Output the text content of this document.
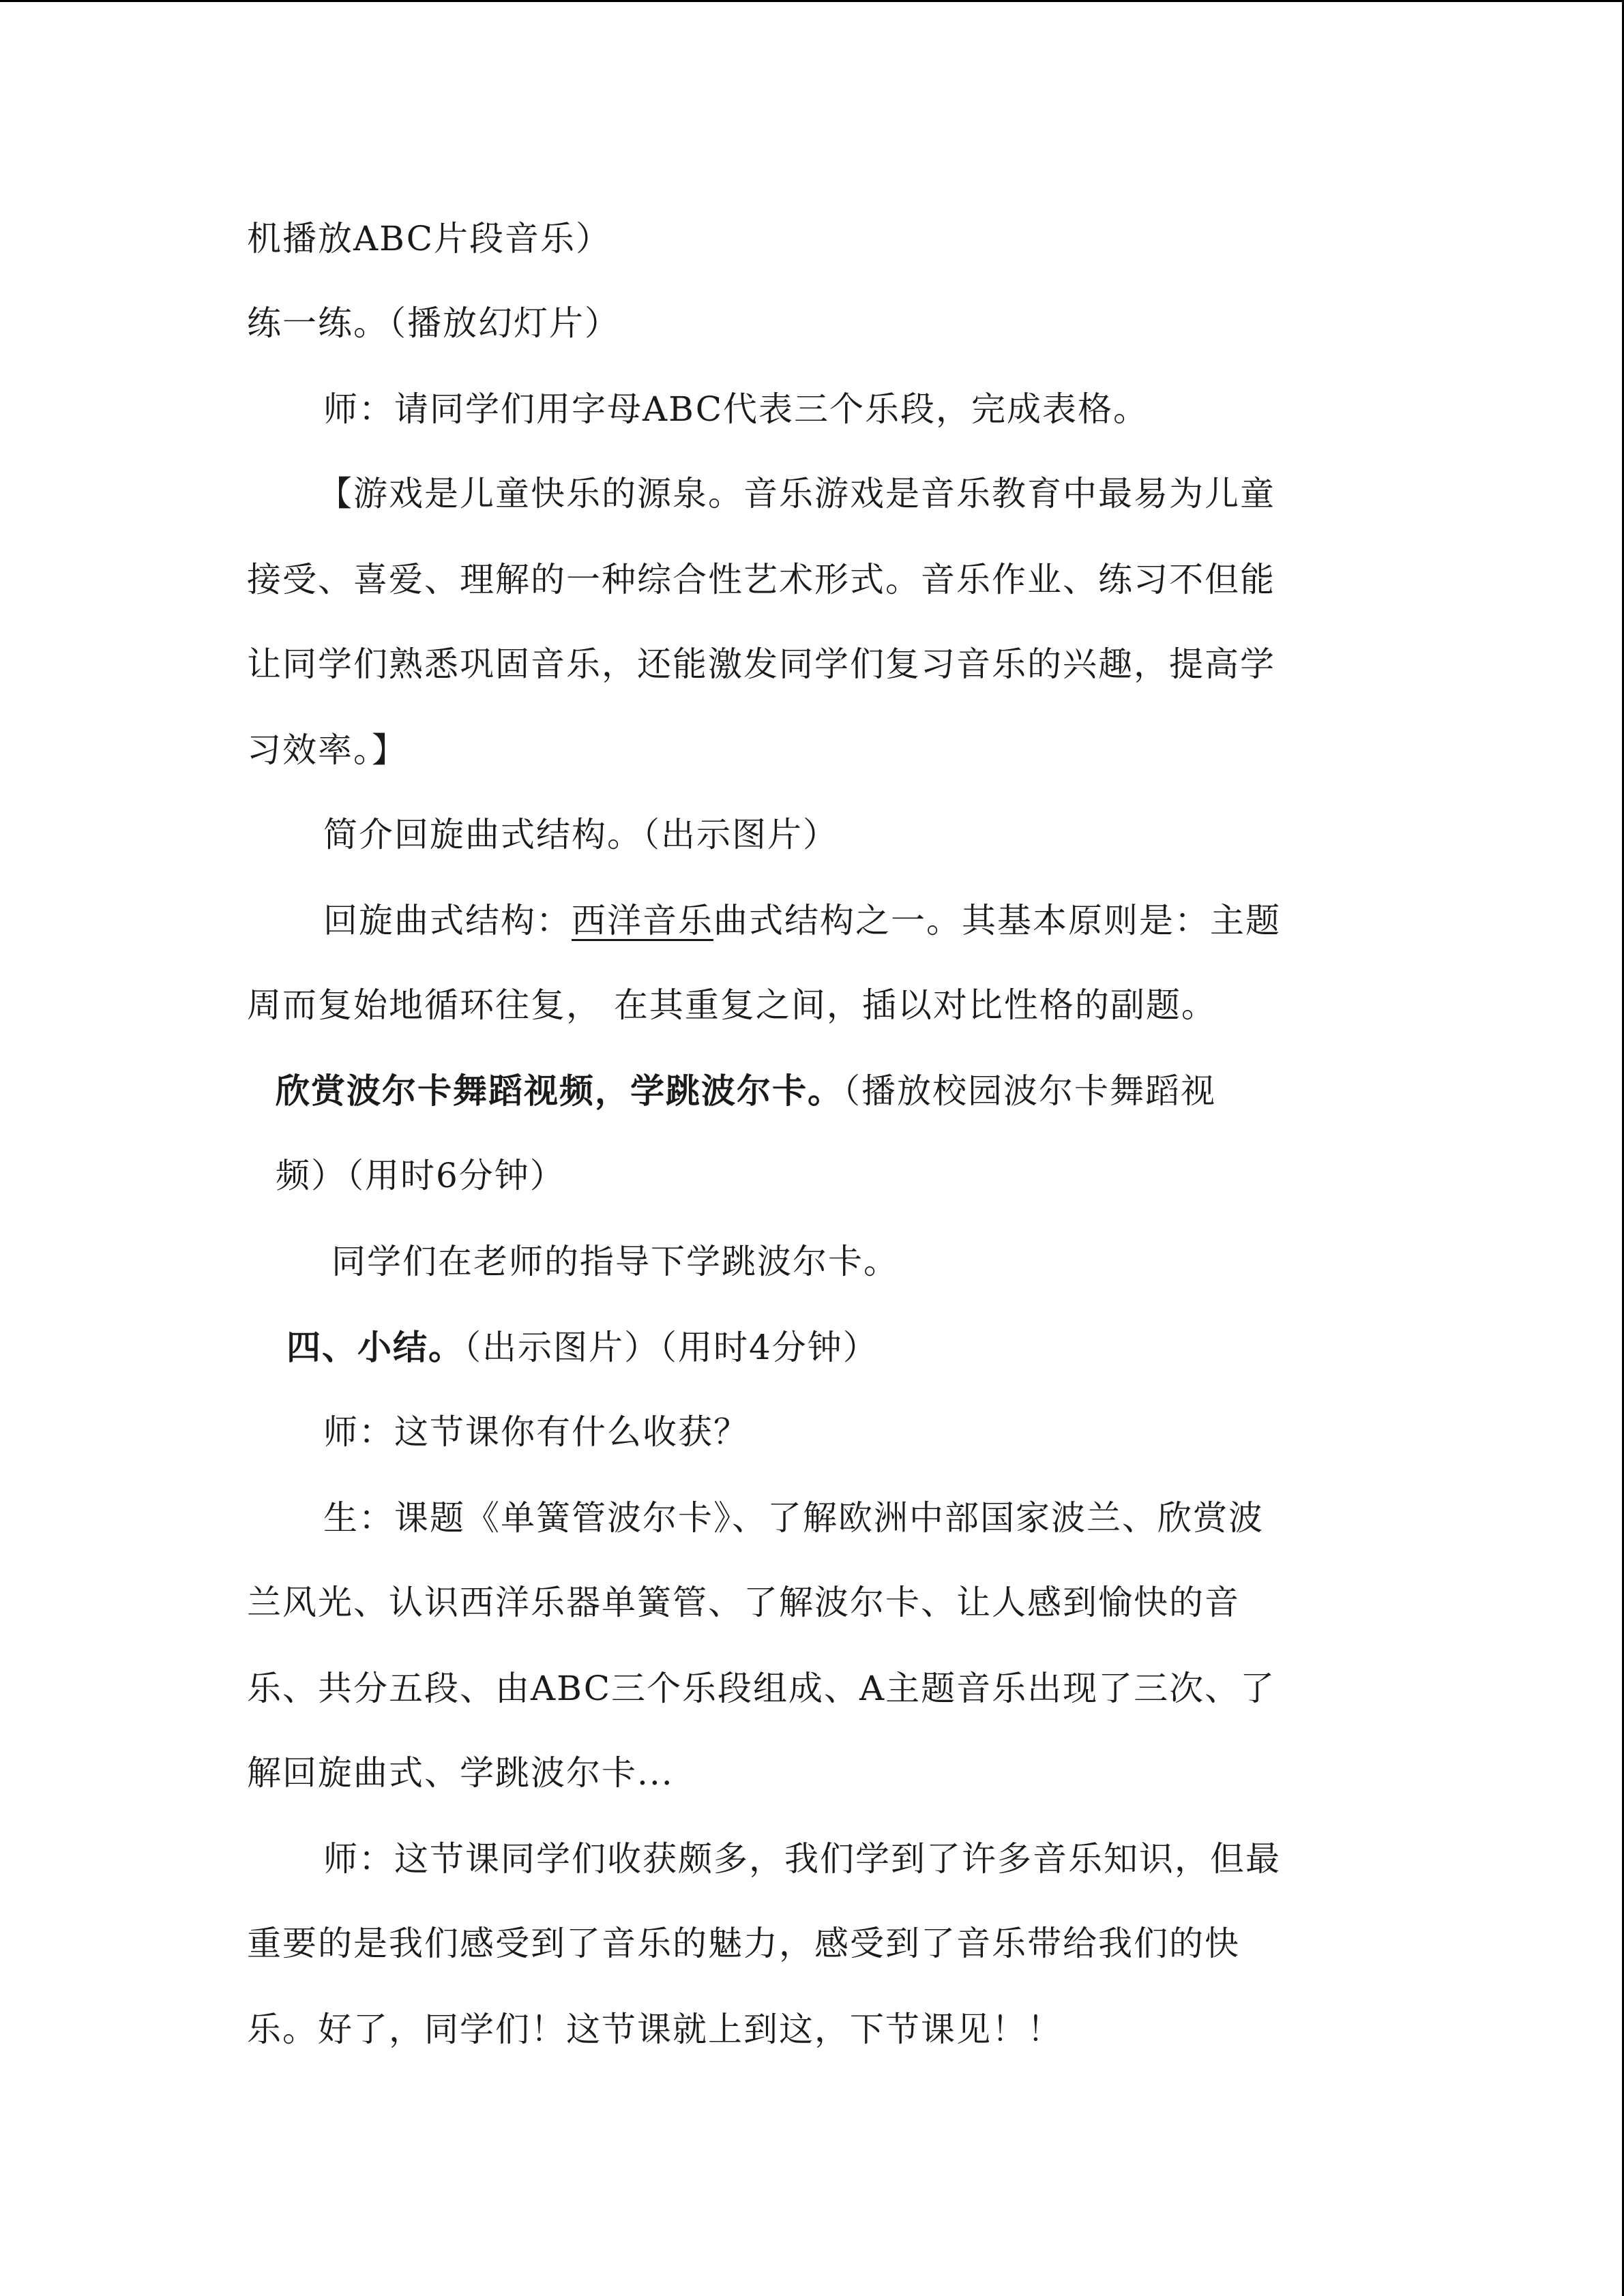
机播放ABC片段音乐）
练一练。（播放幻灯片）
师：请同学们用字母ABC代表三个乐段，完成表格。
【游戏是儿童快乐的源泉。音乐游戏是音乐教育中最易为儿童
接受、喜爱、理解的一种综合性艺术形式。音乐作业、练习不但能
让同学们熟悉巩固音乐，还能激发同学们复习音乐的兴趣，提高学
习效率。】
简介回旋曲式结构。（出示图片）
回旋曲式结构：西洋音乐曲式结构之一。其基本原则是：主题
周而复始地循环往复， 在其重复之间，插以对比性格的副题。
欣赏波尔卡舞蹈视频，学跳波尔卡。（播放校园波尔卡舞蹈视
频）（用时6分钟）
同学们在老师的指导下学跳波尔卡。
四、小结。（出示图片）（用时4分钟）
师：这节课你有什么收获？
生：课题《单簧管波尔卡》、了解欧洲中部国家波兰、欣赏波
兰风光、认识西洋乐器单簧管、了解波尔卡、让人感到愉快的音
乐、共分五段、由ABC三个乐段组成、A主题音乐出现了三次、了
解回旋曲式、学跳波尔卡...
师：这节课同学们收获颇多，我们学到了许多音乐知识，但最
重要的是我们感受到了音乐的魅力，感受到了音乐带给我们的快
乐。好了，同学们！这节课就上到这，下节课见！！
